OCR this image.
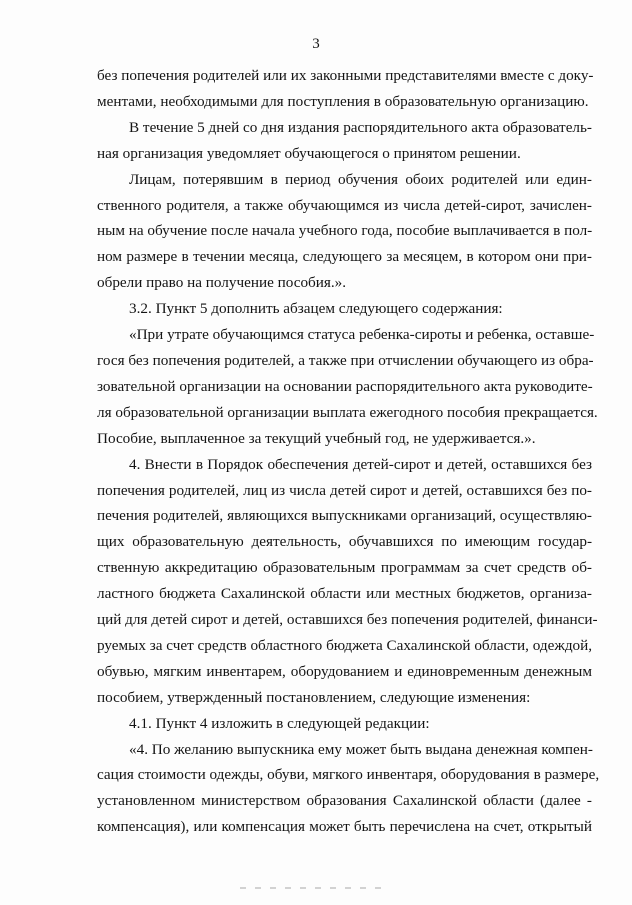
3

без попечения родителей или их законными представителями вместе с доку-
ментами, необходимыми для поступления в образовательную организацию.

В течение 5 дней со дня издания распорядительного акта образователь-
ная организация уведомляет обучающегося о принятом решении.

Лицам, потерявшим в период обучения обоих родителей или един-
ственного родителя, а также обучающимся из числа детей-сирот, зачислен-
ным на обучение после начала учебного года, пособие выплачивается в пол-
ном размере в течении месяца, следующего за месяцем, в котором они при-
обрели право на получение пособия.».

3.2. Пункт 5 дополнить абзацем следующего содержания:

«При утрате обучающимся статуса ребенка-сироты и ребенка, оставше-
гося без попечения родителей, а также при отчислении обучающего из обра-
зовательной организации на основании распорядительного акта руководите-
ля образовательной организации выплата ежегодного пособия прекращается.
Пособие, выплаченное за текущий учебный год, не удерживается.».

4. Внести в Порядок обеспечения детей-сирот и детей, оставшихся без
попечения родителей, лиц из числа детей сирот и детей, оставшихся без по-
печения родителей, являющихся выпускниками организаций, осуществляю-
щих образовательную деятельность, обучавшихся по имеющим государ-
ственную аккредитацию образовательным программам за счет средств об-
ластного бюджета Сахалинской области или местных бюджетов, организа-
ций для детей сирот и детей, оставшихся без попечения родителей, финанси-
руемых за счет средств областного бюджета Сахалинской области, одеждой,
обувью, мягким инвентарем, оборудованием и единовременным денежным
пособием, утвержденный постановлением, следующие изменения:

4.1. Пункт 4 изложить в следующей редакции:

«4. По желанию выпускника ему может быть выдана денежная компен-
сация стоимости одежды, обуви, мягкого инвентаря, оборудования в размере,
установленном министерством образования Сахалинской области (далее -
компенсация), или компенсация может быть перечислена на счет, открытый
